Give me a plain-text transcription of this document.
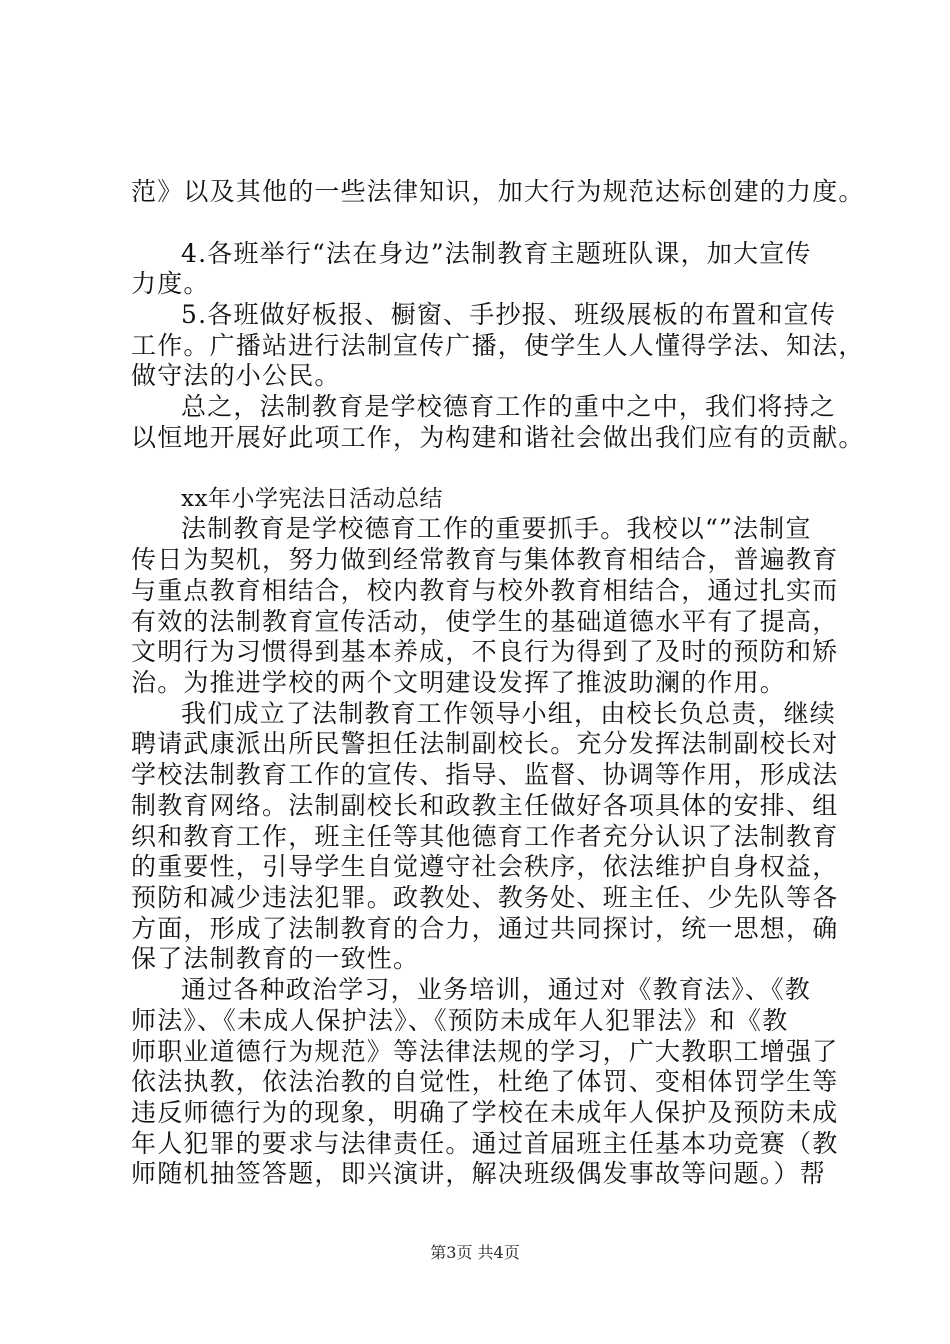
范》以及其他的一些法律知识，加大行为规范达标创建的力度。
4.各班举行“法在身边”法制教育主题班队课，加大宣传
力度。
5.各班做好板报、橱窗、手抄报、班级展板的布置和宣传
工作。广播站进行法制宣传广播，使学生人人懂得学法、知法，
做守法的小公民。
总之，法制教育是学校德育工作的重中之中，我们将持之
以恒地开展好此项工作，为构建和谐社会做出我们应有的贡献。
xx年小学宪法日活动总结
法制教育是学校德育工作的重要抓手。我校以“”法制宣
传日为契机，努力做到经常教育与集体教育相结合，普遍教育
与重点教育相结合，校内教育与校外教育相结合，通过扎实而
有效的法制教育宣传活动，使学生的基础道德水平有了提高，
文明行为习惯得到基本养成，不良行为得到了及时的预防和矫
治。为推进学校的两个文明建设发挥了推波助澜的作用。
我们成立了法制教育工作领导小组，由校长负总责，继续
聘请武康派出所民警担任法制副校长。充分发挥法制副校长对
学校法制教育工作的宣传、指导、监督、协调等作用，形成法
制教育网络。法制副校长和政教主任做好各项具体的安排、组
织和教育工作，班主任等其他德育工作者充分认识了法制教育
的重要性，引导学生自觉遵守社会秩序，依法维护自身权益，
预防和减少违法犯罪。政教处、教务处、班主任、少先队等各
方面，形成了法制教育的合力，通过共同探讨，统一思想，确
保了法制教育的一致性。
通过各种政治学习，业务培训，通过对《教育法》、《教
师法》、《未成人保护法》、《预防未成年人犯罪法》和《教
师职业道德行为规范》等法律法规的学习，广大教职工增强了
依法执教，依法治教的自觉性，杜绝了体罚、变相体罚学生等
违反师德行为的现象，明确了学校在未成年人保护及预防未成
年人犯罪的要求与法律责任。通过首届班主任基本功竞赛（教
师随机抽签答题，即兴演讲，解决班级偶发事故等问题。）帮
第3页 共4页
